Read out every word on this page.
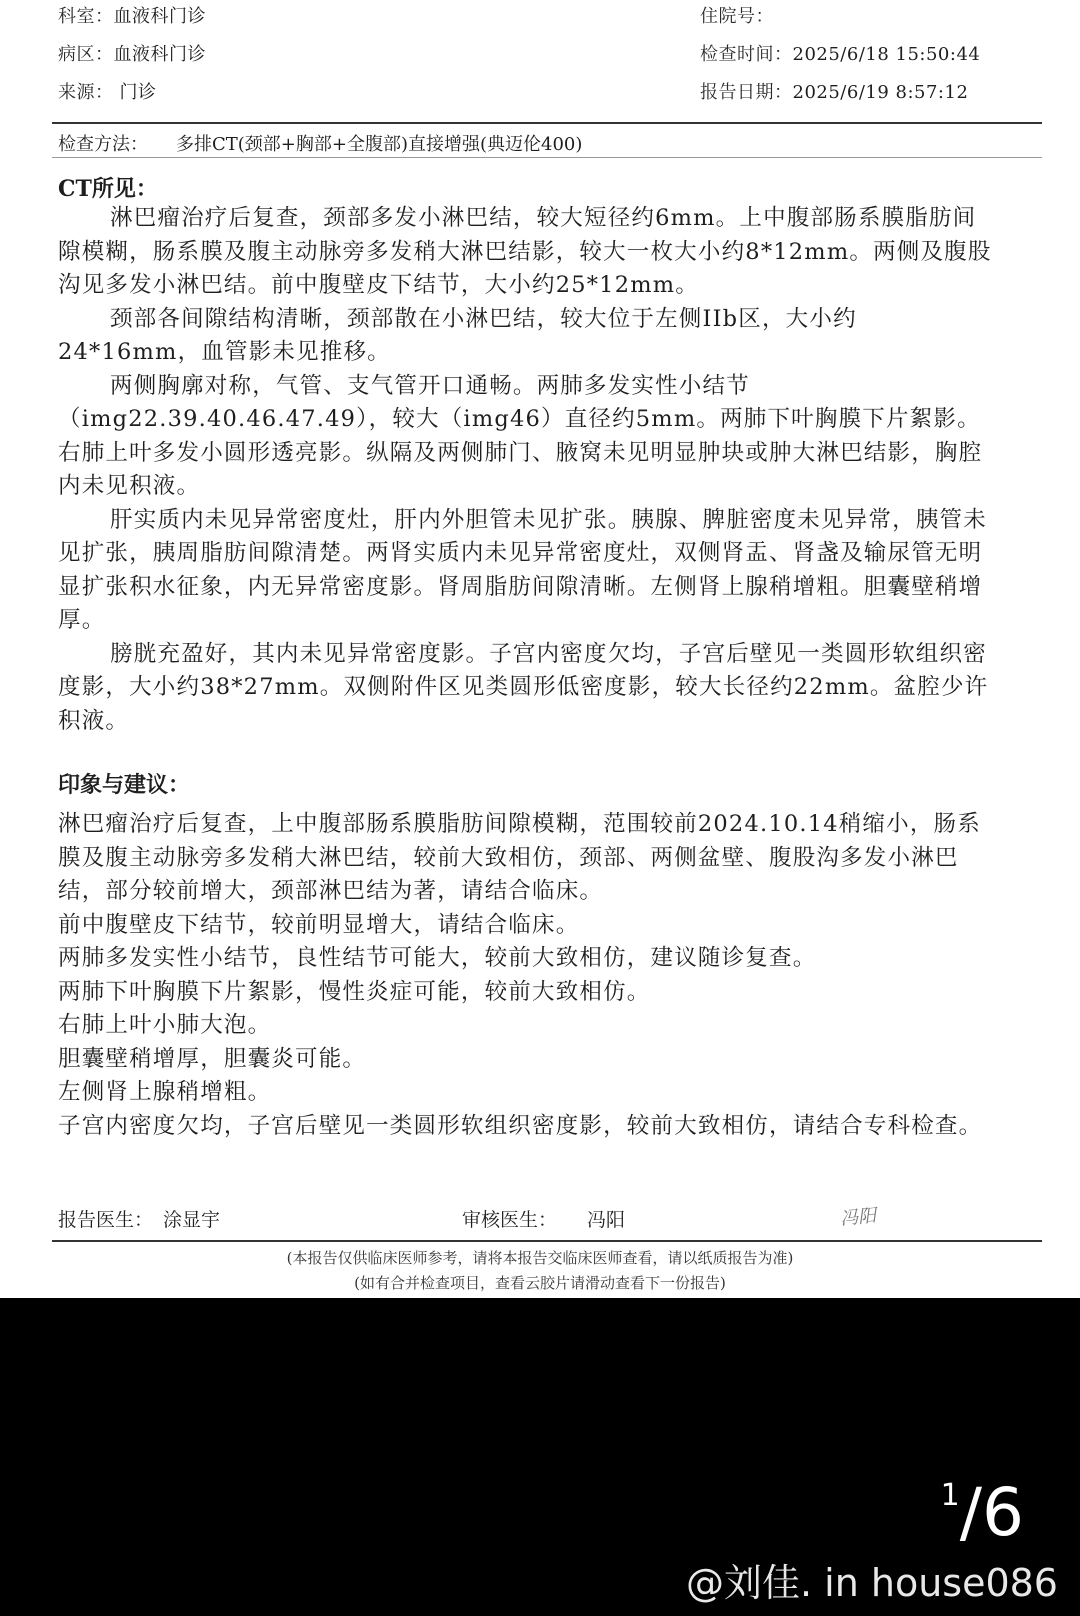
科室：血液科门诊
病区：血液科门诊
来源： 门诊
住院号：
检查时间：2025/6/18 15:50:44
报告日期：2025/6/19 8:57:12
检查方法： 多排CT(颈部+胸部+全腹部)直接增强(典迈伦400)
CT所见：

淋巴瘤治疗后复查，颈部多发小淋巴结，较大短径约6mm。上中腹部肠系膜脂肪间隙模糊，肠系膜及腹主动脉旁多发稍大淋巴结影，较大一枚大小约8*12mm。两侧及腹股沟见多发小淋巴结。前中腹壁皮下结节，大小约25*12mm。

颈部各间隙结构清晰，颈部散在小淋巴结，较大位于左侧IIb区，大小约24*16mm，血管影未见推移。

两侧胸廓对称，气管、支气管开口通畅。两肺多发实性小结节（img22.39.40.46.47.49），较大（img46）直径约5mm。两肺下叶胸膜下片絮影。右肺上叶多发小圆形透亮影。纵隔及两侧肺门、腋窝未见明显肿块或肿大淋巴结影，胸腔内未见积液。

肝实质内未见异常密度灶，肝内外胆管未见扩张。胰腺、脾脏密度未见异常，胰管未见扩张，胰周脂肪间隙清楚。两肾实质内未见异常密度灶，双侧肾盂、肾盏及输尿管无明显扩张积水征象，内无异常密度影。肾周脂肪间隙清晰。左侧肾上腺稍增粗。胆囊壁稍增厚。

膀胱充盈好，其内未见异常密度影。子宫内密度欠均，子宫后壁见一类圆形软组织密度影，大小约38*27mm。双侧附件区见类圆形低密度影，较大长径约22mm。盆腔少许积液。

印象与建议：

淋巴瘤治疗后复查，上中腹部肠系膜脂肪间隙模糊，范围较前2024.10.14稍缩小，肠系膜及腹主动脉旁多发稍大淋巴结，较前大致相仿，颈部、两侧盆壁、腹股沟多发小淋巴结，部分较前增大，颈部淋巴结为著，请结合临床。

前中腹壁皮下结节，较前明显增大，请结合临床。

两肺多发实性小结节，良性结节可能大，较前大致相仿，建议随诊复查。

两肺下叶胸膜下片絮影，慢性炎症可能，较前大致相仿。

右肺上叶小肺大泡。

胆囊壁稍增厚，胆囊炎可能。

左侧肾上腺稍增粗。

子宫内密度欠均，子宫后壁见一类圆形软组织密度影，较前大致相仿，请结合专科检查。

报告医生： 涂显宇	审核医生： 冯阳	冯阳
(本报告仅供临床医师参考，请将本报告交临床医师查看，请以纸质报告为准)
(如有合并检查项目，查看云胶片请滑动查看下一份报告)
1/6
@刘佳. in house086
